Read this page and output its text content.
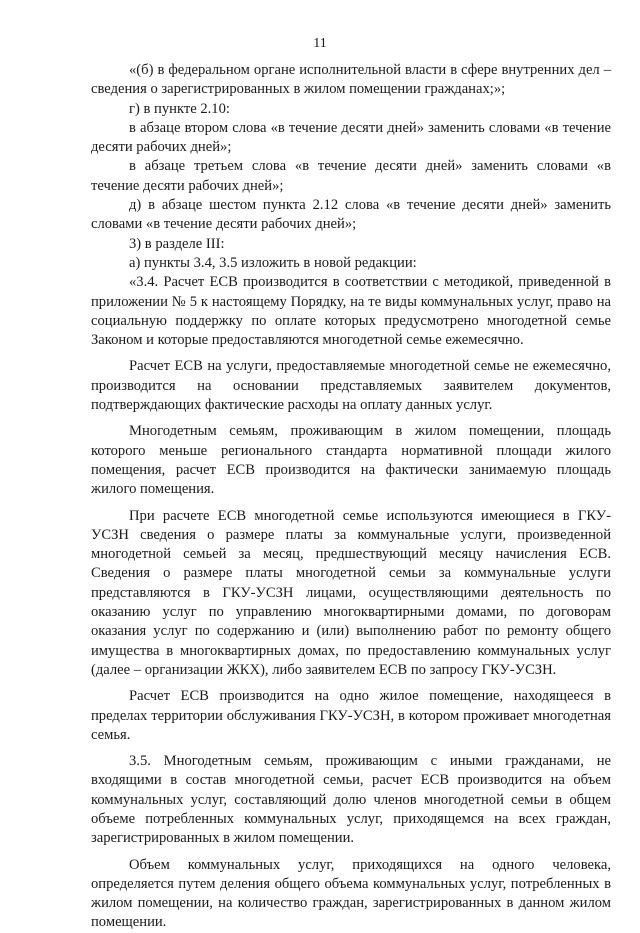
11

«(б) в федеральном органе исполнительной власти в сфере внутренних дел – сведения о зарегистрированных в жилом помещении гражданах;»;

г) в пункте 2.10:

в абзаце втором слова «в течение десяти дней» заменить словами «в течение десяти рабочих дней»;

в абзаце третьем слова «в течение десяти дней» заменить словами «в течение десяти рабочих дней»;

д) в абзаце шестом пункта 2.12 слова «в течение десяти дней» заменить словами «в течение десяти рабочих дней»;

3) в разделе III:

а) пункты 3.4, 3.5 изложить в новой редакции:

«3.4. Расчет ЕСВ производится в соответствии с методикой, приведенной в приложении № 5 к настоящему Порядку, на те виды коммунальных услуг, право на социальную поддержку по оплате которых предусмотрено многодетной семье Законом и которые предоставляются многодетной семье ежемесячно.

Расчет ЕСВ на услуги, предоставляемые многодетной семье не ежемесячно, производится на основании представляемых заявителем документов, подтверждающих фактические расходы на оплату данных услуг.

Многодетным семьям, проживающим в жилом помещении, площадь которого меньше регионального стандарта нормативной площади жилого помещения, расчет ЕСВ производится на фактически занимаемую площадь жилого помещения.

При расчете ЕСВ многодетной семье используются имеющиеся в ГКУ-УСЗН сведения о размере платы за коммунальные услуги, произведенной многодетной семьей за месяц, предшествующий месяцу начисления ЕСВ. Сведения о размере платы многодетной семьи за коммунальные услуги представляются в ГКУ-УСЗН лицами, осуществляющими деятельность по оказанию услуг по управлению многоквартирными домами, по договорам оказания услуг по содержанию и (или) выполнению работ по ремонту общего имущества в многоквартирных домах, по предоставлению коммунальных услуг (далее – организации ЖКХ), либо заявителем ЕСВ по запросу ГКУ-УСЗН.

Расчет ЕСВ производится на одно жилое помещение, находящееся в пределах территории обслуживания ГКУ-УСЗН, в котором проживает многодетная семья.

3.5. Многодетным семьям, проживающим с иными гражданами, не входящими в состав многодетной семьи, расчет ЕСВ производится на объем коммунальных услуг, составляющий долю членов многодетной семьи в общем объеме потребленных коммунальных услуг, приходящемся на всех граждан, зарегистрированных в жилом помещении.

Объем коммунальных услуг, приходящихся на одного человека, определяется путем деления общего объема коммунальных услуг, потребленных в жилом помещении, на количество граждан, зарегистрированных в данном жилом помещении.
